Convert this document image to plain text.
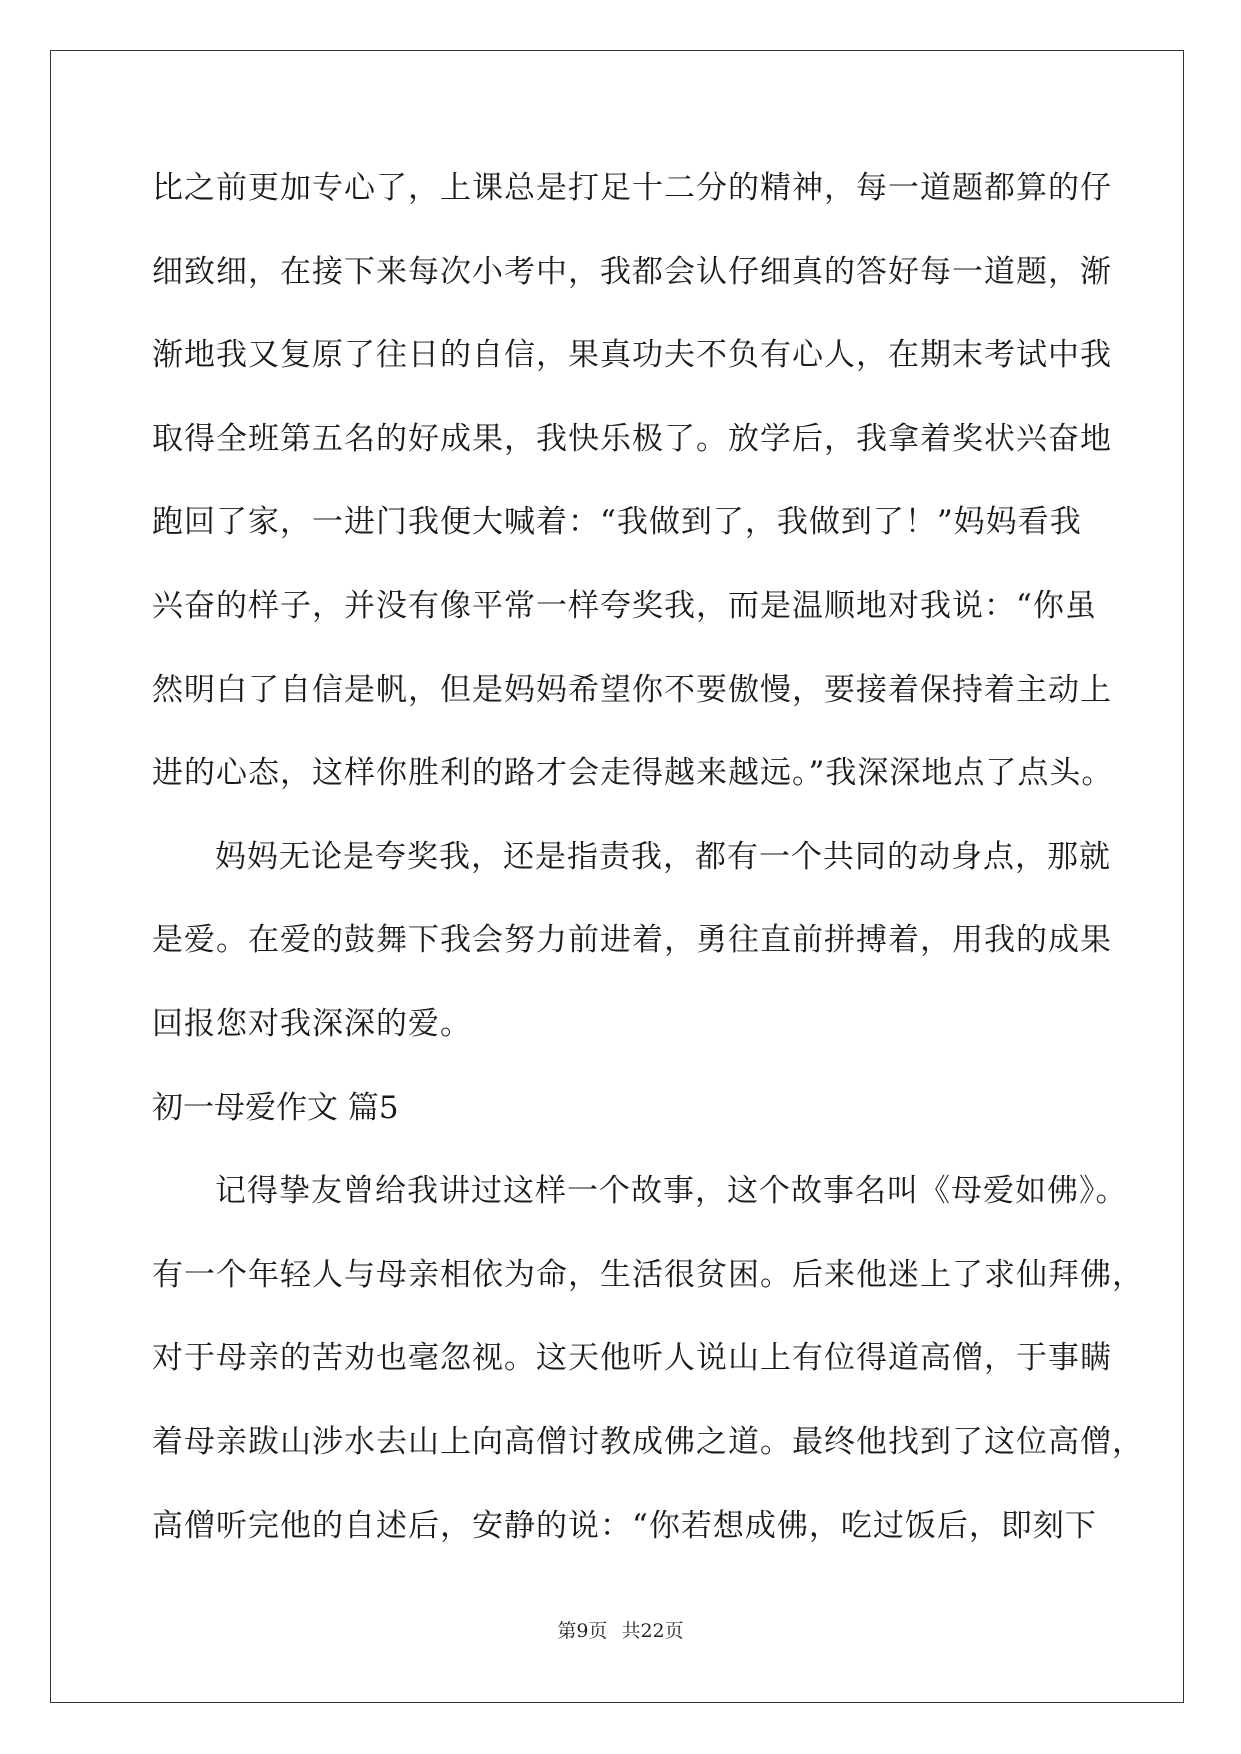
比之前更加专心了，上课总是打足十二分的精神，每一道题都算的仔
细致细，在接下来每次小考中，我都会认仔细真的答好每一道题，渐
渐地我又复原了往日的自信，果真功夫不负有心人，在期末考试中我
取得全班第五名的好成果，我快乐极了。放学后，我拿着奖状兴奋地
跑回了家，一进门我便大喊着：“我做到了，我做到了！”妈妈看我
兴奋的样子，并没有像平常一样夸奖我，而是温顺地对我说：“你虽
然明白了自信是帆，但是妈妈希望你不要傲慢，要接着保持着主动上
进的心态，这样你胜利的路才会走得越来越远。”我深深地点了点头。
妈妈无论是夸奖我，还是指责我，都有一个共同的动身点，那就
是爱。在爱的鼓舞下我会努力前进着，勇往直前拼搏着，用我的成果
回报您对我深深的爱。
初一母爱作文 篇5
记得挚友曾给我讲过这样一个故事，这个故事名叫《母爱如佛》。
有一个年轻人与母亲相依为命，生活很贫困。后来他迷上了求仙拜佛，
对于母亲的苦劝也毫忽视。这天他听人说山上有位得道高僧，于事瞒
着母亲跋山涉水去山上向高僧讨教成佛之道。最终他找到了这位高僧，
高僧听完他的自述后，安静的说：“你若想成佛，吃过饭后，即刻下
第9页 共22页
